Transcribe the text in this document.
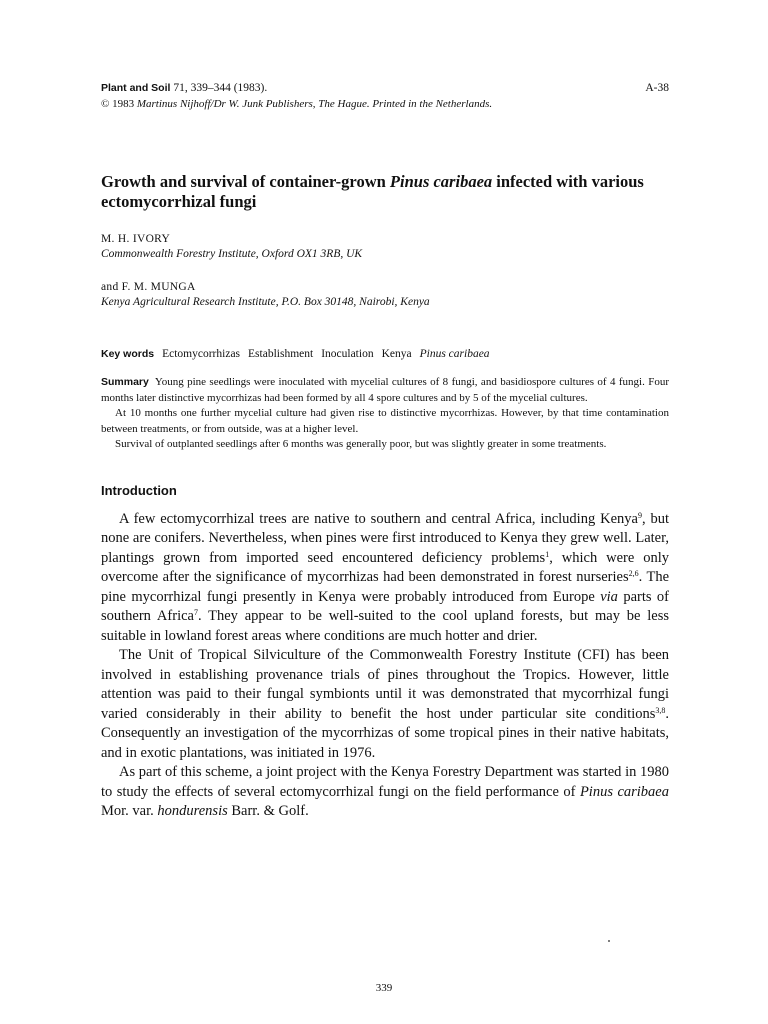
Plant and Soil 71, 339–344 (1983).	A-38
© 1983 Martinus Nijhoff/Dr W. Junk Publishers, The Hague. Printed in the Netherlands.
Growth and survival of container-grown Pinus caribaea infected with various ectomycorrhizal fungi
M. H. IVORY
Commonwealth Forestry Institute, Oxford OX1 3RB, UK
and F. M. MUNGA
Kenya Agricultural Research Institute, P.O. Box 30148, Nairobi, Kenya
Key words Ectomycorrhizas Establishment Inoculation Kenya Pinus caribaea

Summary Young pine seedlings were inoculated with mycelial cultures of 8 fungi, and basidiospore cultures of 4 fungi. Four months later distinctive mycorrhizas had been formed by all 4 spore cultures and by 5 of the mycelial cultures.

At 10 months one further mycelial culture had given rise to distinctive mycorrhizas. However, by that time contamination between treatments, or from outside, was at a higher level.

Survival of outplanted seedlings after 6 months was generally poor, but was slightly greater in some treatments.

Introduction

A few ectomycorrhizal trees are native to southern and central Africa, including Kenya$^9$, but none are conifers. Nevertheless, when pines were first introduced to Kenya they grew well. Later, plantings grown from imported seed encountered deficiency problems$^1$, which were only overcome after the significance of mycorrhizas had been demonstrated in forest nurseries$^{2,6}$. The pine mycorrhizal fungi presently in Kenya were probably introduced from Europe via parts of southern Africa$^7$. They appear to be well-suited to the cool upland forests, but may be less suitable in lowland forest areas where conditions are much hotter and drier.

The Unit of Tropical Silviculture of the Commonwealth Forestry Institute (CFI) has been involved in establishing provenance trials of pines throughout the Tropics. However, little attention was paid to their fungal symbionts until it was demonstrated that mycorrhizal fungi varied considerably in their ability to benefit the host under particular site conditions$^{3,8}$. Consequently an investigation of the mycorrhizas of some tropical pines in their native habitats, and in exotic plantations, was initiated in 1976.

As part of this scheme, a joint project with the Kenya Forestry Department was started in 1980 to study the effects of several ectomycorrhizal fungi on the field performance of Pinus caribaea Mor. var. hondurensis Barr. & Golf.

339
